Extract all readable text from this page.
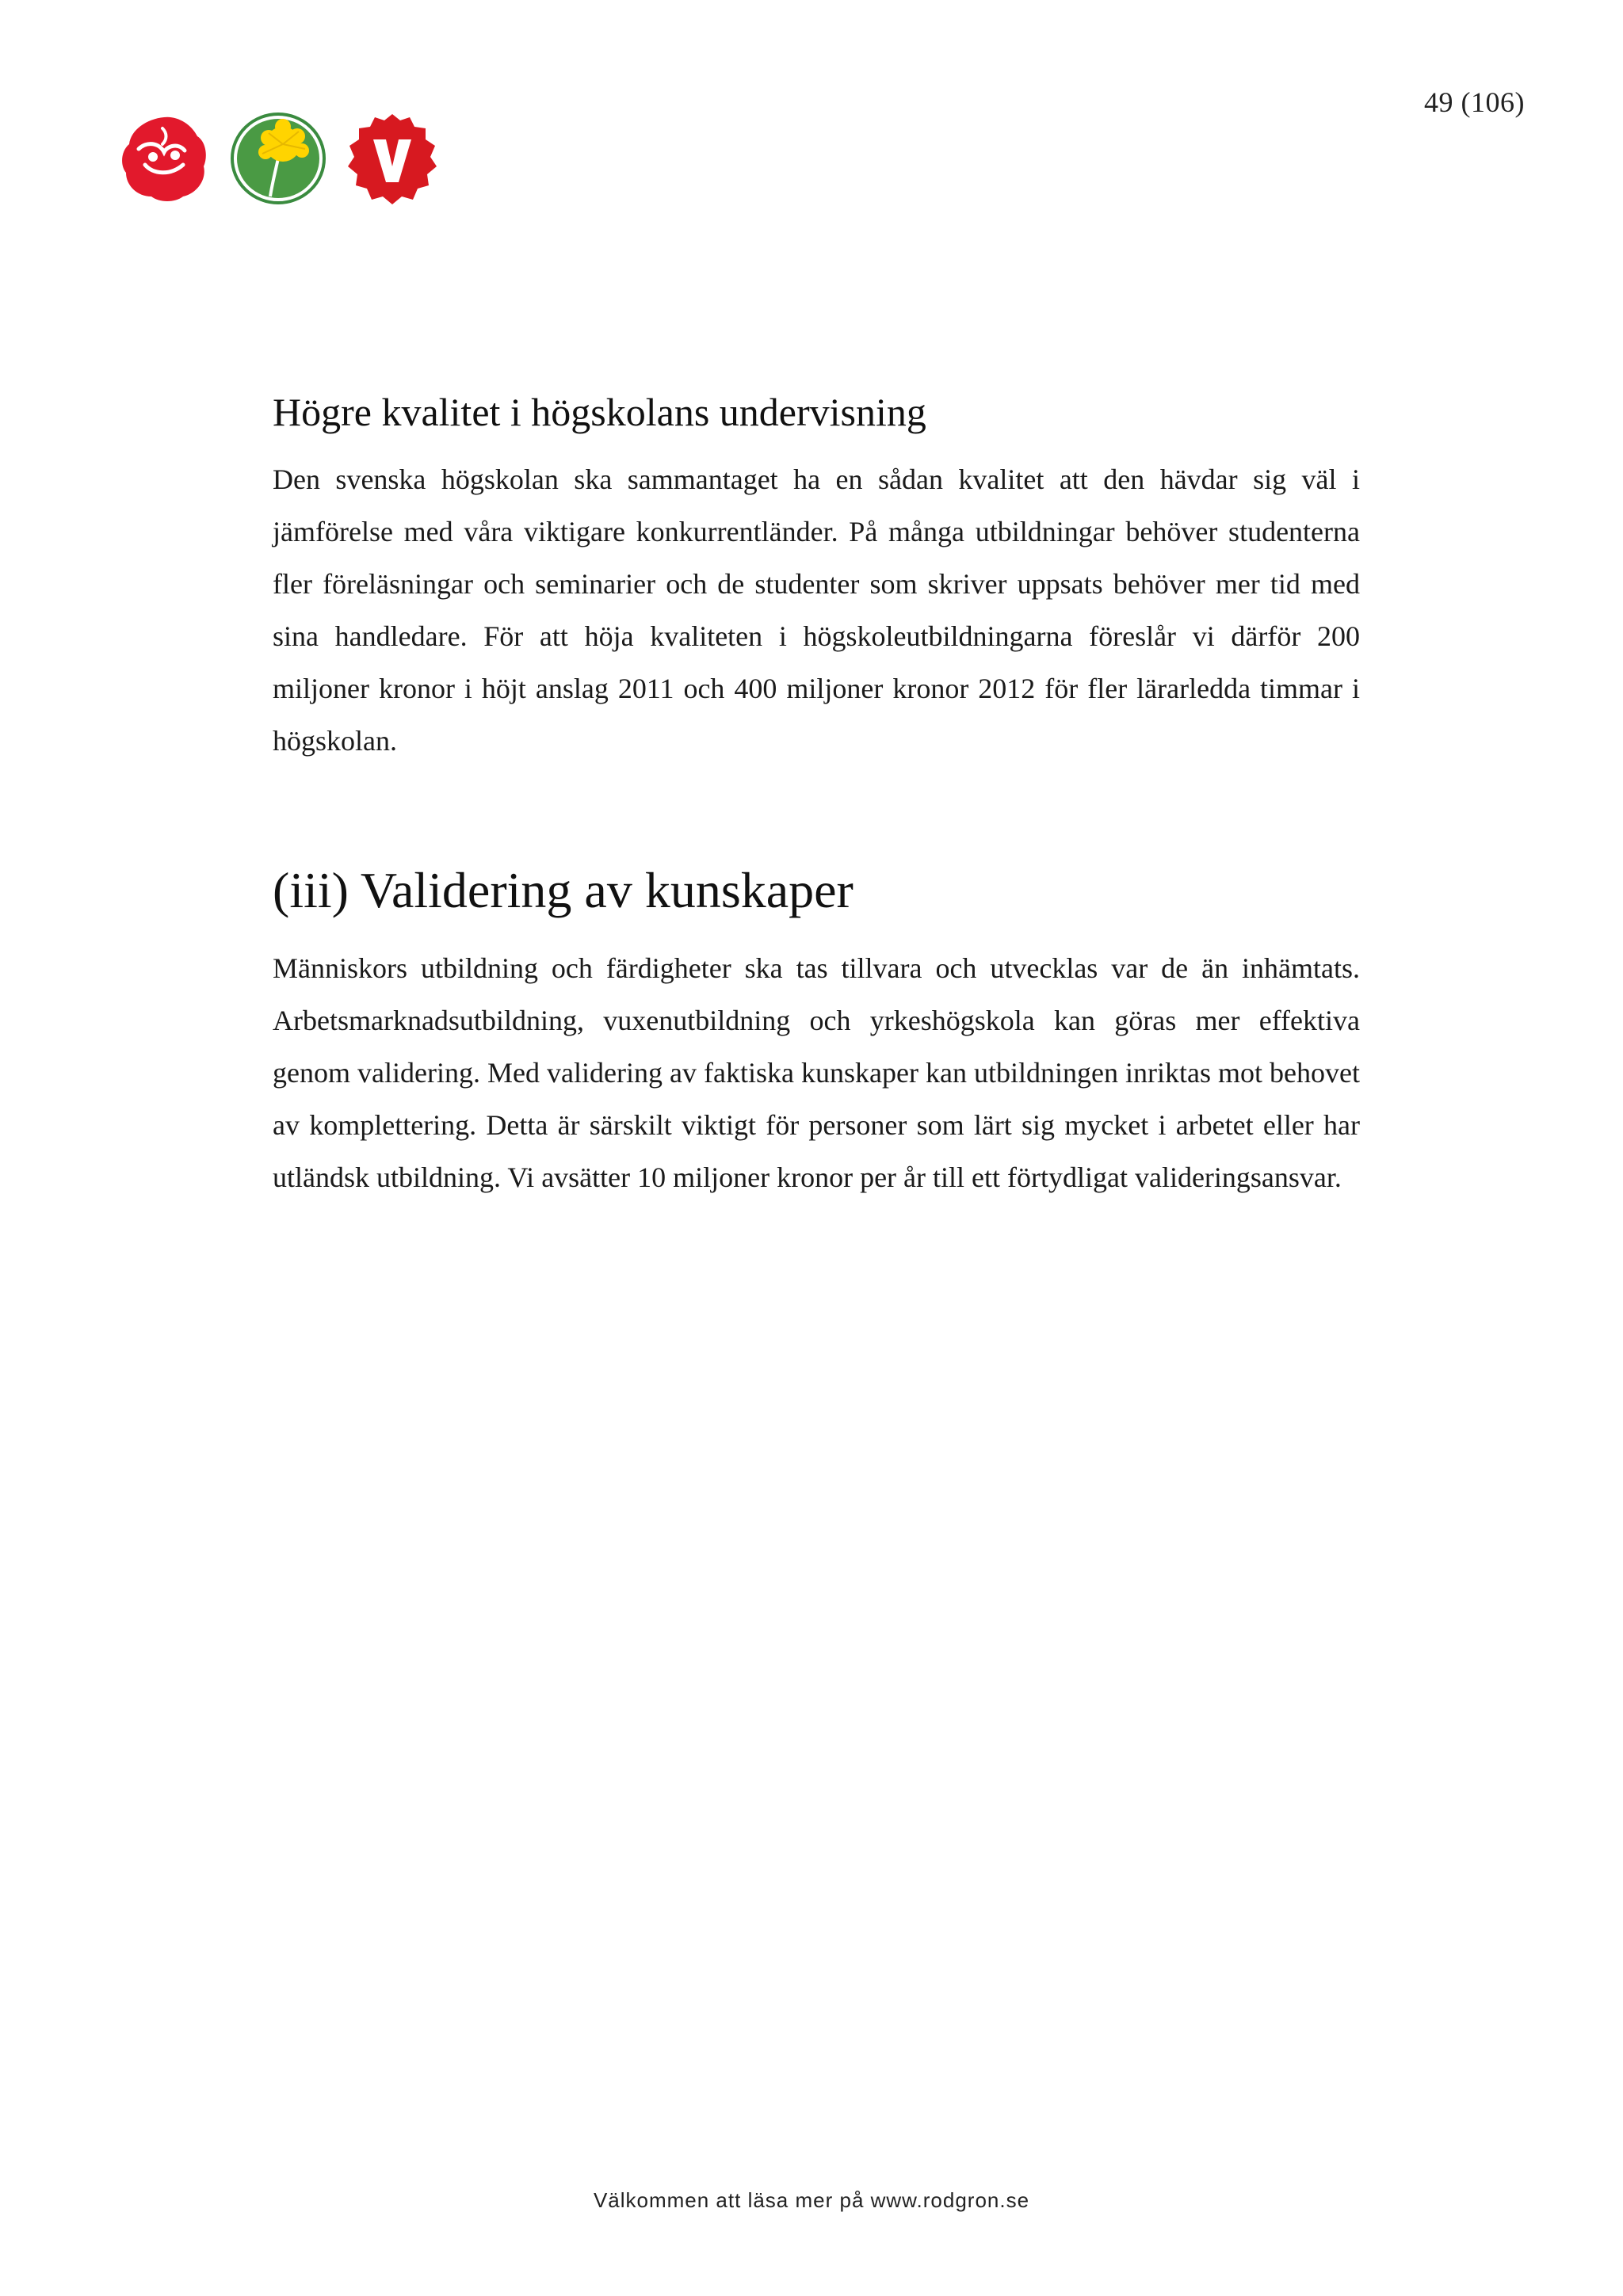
49 (106)
Högre kvalitet i högskolans undervisning

Den svenska högskolan ska sammantaget ha en sådan kvalitet att den hävdar sig väl i jämförelse med våra viktigare konkurrentländer. På många utbildningar behöver studenterna fler föreläsningar och seminarier och de studenter som skriver uppsats behöver mer tid med sina handledare. För att höja kvaliteten i högskoleutbildningarna föreslår vi därför 200 miljoner kronor i höjt anslag 2011 och 400 miljoner kronor 2012 för fler lärarledda timmar i högskolan.

(iii) Validering av kunskaper

Människors utbildning och färdigheter ska tas tillvara och utvecklas var de än inhämtats. Arbetsmarknadsutbildning, vuxenutbildning och yrkeshögskola kan göras mer effektiva genom validering. Med validering av faktiska kunskaper kan utbildningen inriktas mot behovet av komplettering. Detta är särskilt viktigt för personer som lärt sig mycket i arbetet eller har utländsk utbildning. Vi avsätter 10 miljoner kronor per år till ett förtydligat valideringsansvar.

Välkommen att läsa mer på www.rodgron.se
